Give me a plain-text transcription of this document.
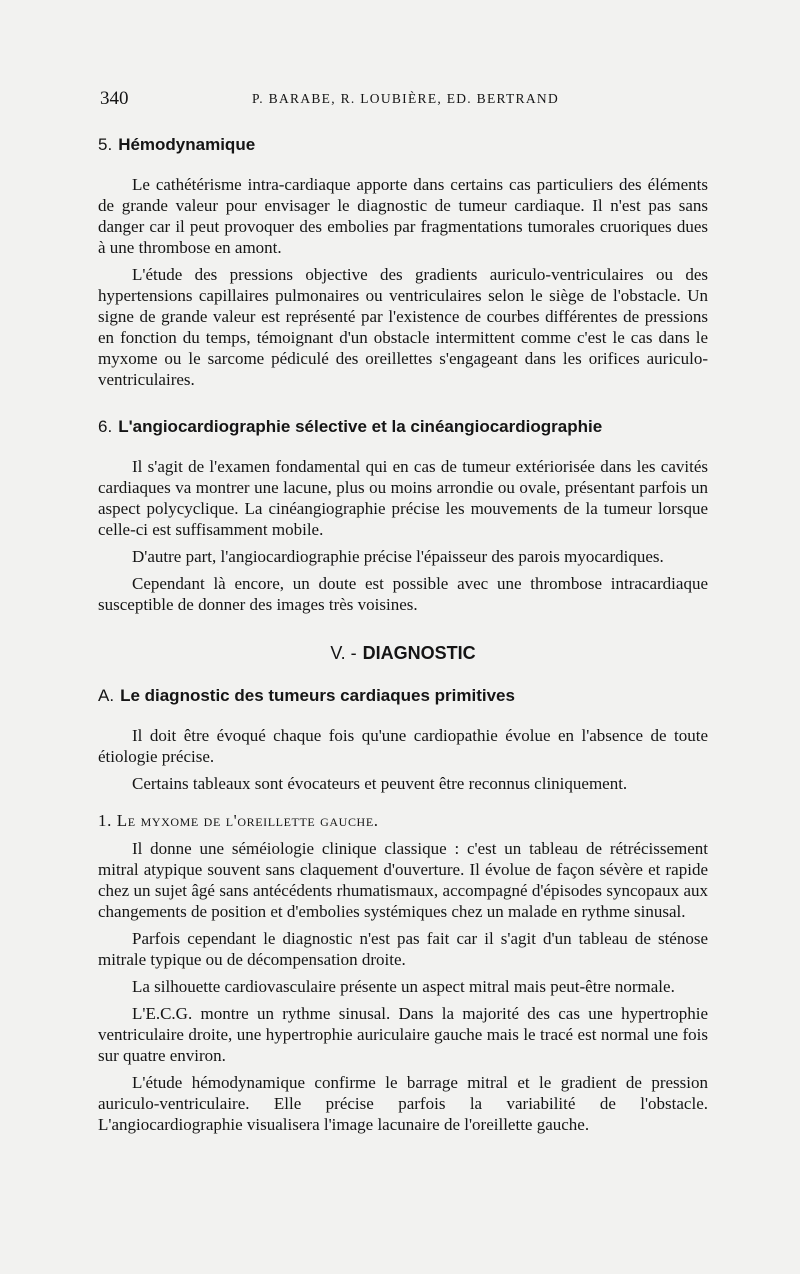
340	P. BARABE, R. LOUBIÈRE, ED. BERTRAND
5. Hémodynamique

Le cathétérisme intra-cardiaque apporte dans certains cas particuliers des éléments de grande valeur pour envisager le diagnostic de tumeur cardiaque. Il n'est pas sans danger car il peut provoquer des embolies par fragmentations tumorales cruoriques dues à une thrombose en amont.

L'étude des pressions objective des gradients auriculo-ventriculaires ou des hypertensions capillaires pulmonaires ou ventriculaires selon le siège de l'obstacle. Un signe de grande valeur est représenté par l'existence de courbes différentes de pressions en fonction du temps, témoignant d'un obstacle intermittent comme c'est le cas dans le myxome ou le sarcome pédiculé des oreillettes s'engageant dans les orifices auriculo-ventriculaires.

6. L'angiocardiographie sélective et la cinéangiocardiographie

Il s'agit de l'examen fondamental qui en cas de tumeur extériorisée dans les cavités cardiaques va montrer une lacune, plus ou moins arrondie ou ovale, présentant parfois un aspect polycyclique. La cinéangiographie précise les mouvements de la tumeur lorsque celle-ci est suffisamment mobile.

D'autre part, l'angiocardiographie précise l'épaisseur des parois myocardiques.

Cependant là encore, un doute est possible avec une thrombose intracardiaque susceptible de donner des images très voisines.

V. - DIAGNOSTIC
A. Le diagnostic des tumeurs cardiaques primitives

Il doit être évoqué chaque fois qu'une cardiopathie évolue en l'absence de toute étiologie précise.

Certains tableaux sont évocateurs et peuvent être reconnus cliniquement.

1. Le myxome de l'oreillette gauche.

Il donne une séméiologie clinique classique : c'est un tableau de rétrécissement mitral atypique souvent sans claquement d'ouverture. Il évolue de façon sévère et rapide chez un sujet âgé sans antécédents rhumatismaux, accompagné d'épisodes syncopaux aux changements de position et d'embolies systémiques chez un malade en rythme sinusal.

Parfois cependant le diagnostic n'est pas fait car il s'agit d'un tableau de sténose mitrale typique ou de décompensation droite.

La silhouette cardiovasculaire présente un aspect mitral mais peut-être normale.

L'E.C.G. montre un rythme sinusal. Dans la majorité des cas une hypertrophie ventriculaire droite, une hypertrophie auriculaire gauche mais le tracé est normal une fois sur quatre environ.

L'étude hémodynamique confirme le barrage mitral et le gradient de pression auriculo-ventriculaire. Elle précise parfois la variabilité de l'obstacle. L'angiocardiographie visualisera l'image lacunaire de l'oreillette gauche.
